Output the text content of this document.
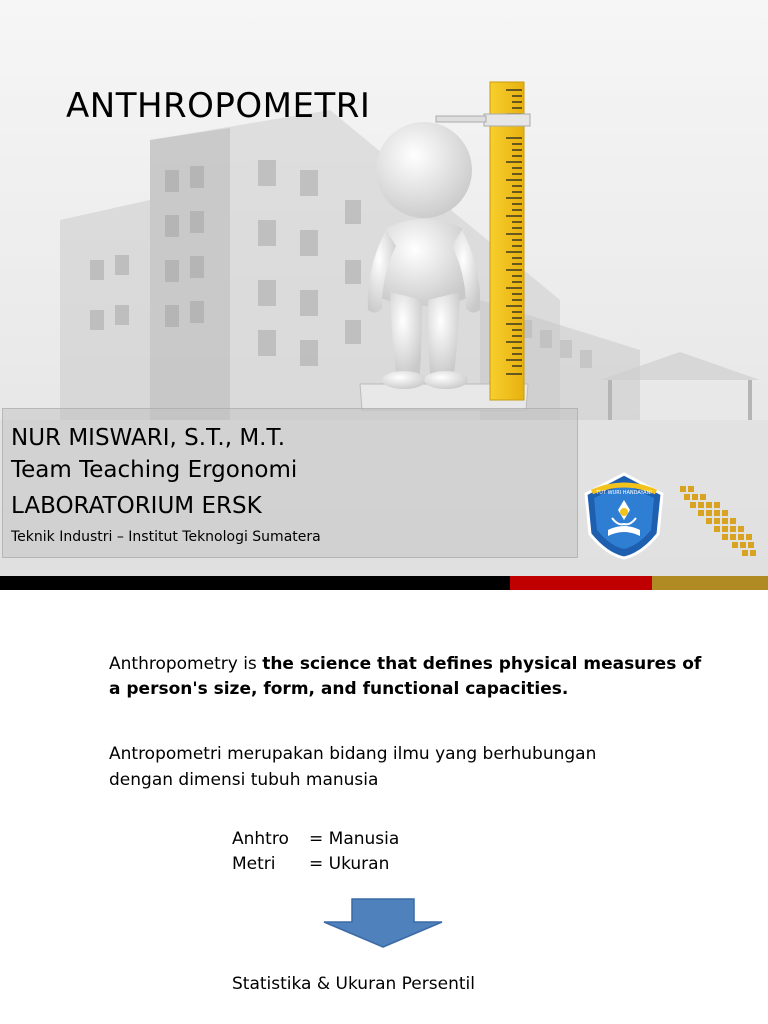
ANTHROPOMETRI
NUR MISWARI, S.T., M.T.
Team Teaching Ergonomi
LABORATORIUM ERSK
Teknik Industri – Institut Teknologi Sumatera
TUT WURI HANDAYANI
Anthropometry is the science that defines physical measures of a person's size, form, and functional capacities.
Antropometri merupakan bidang ilmu yang berhubungan dengan dimensi tubuh manusia
Anhtro	= Manusia
Metri	= Ukuran
Statistika & Ukuran Persentil
